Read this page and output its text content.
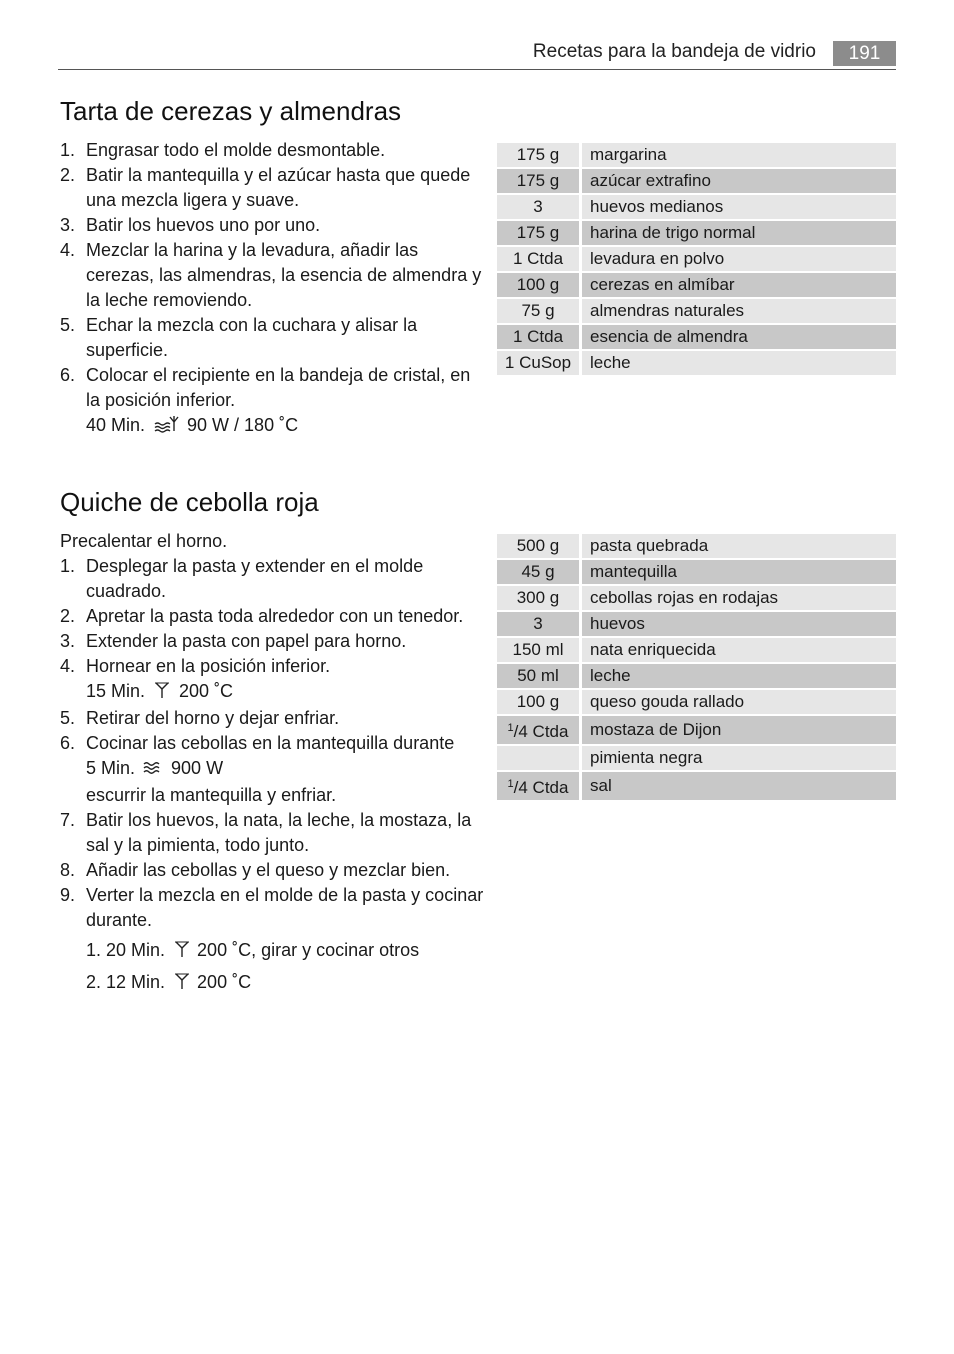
Recetas para la bandeja de vidrio	191
Tarta de cerezas y almendras
1. Engrasar todo el molde desmontable.
2. Batir la mantequilla y el azúcar hasta que quede una mezcla ligera y suave.
3. Batir los huevos uno por uno.
4. Mezclar la harina y la levadura, añadir las cerezas, las almendras, la esencia de almendra y la leche removiendo.
5. Echar la mezcla con la cuchara y alisar la superficie.
6. Colocar el recipiente en la bandeja de cristal, en la posición inferior.
40 Min. 90 W / 180 ˚C
175 g		margarina
175 g		azúcar extrafino
3		huevos medianos
175 g		harina de trigo normal
1 Ctda		levadura en polvo
100 g		cerezas en almíbar
75 g		almendras naturales
1 Ctda		esencia de almendra
1 CuSop		leche
Quiche de cebolla roja
Precalentar el horno.
1. Desplegar la pasta y extender en el molde cuadrado.
2. Apretar la pasta toda alrededor con un tenedor.
3. Extender la pasta con papel para horno.
4. Hornear en la posición inferior.
15 Min. 200 ˚C
5. Retirar del horno y dejar enfriar.
6. Cocinar las cebollas en la mantequilla durante
5 Min. 900 W
escurrir la mantequilla y enfriar.
7. Batir los huevos, la nata, la leche, la mostaza, la sal y la pimienta, todo junto.
8. Añadir las cebollas y el queso y mezclar bien.
9. Verter la mezcla en el molde de la pasta y cocinar durante.
1. 20 Min. 200 ˚C, girar y cocinar otros
2. 12 Min. 200 ˚C
500 g		pasta quebrada
45 g		mantequilla
300 g		cebollas rojas en rodajas
3		huevos
150 ml		nata enriquecida
50 ml		leche
100 g		queso gouda rallado
$^1$/4 Ctda		mostaza de Dijon
		pimienta negra
$^1$/4 Ctda		sal
